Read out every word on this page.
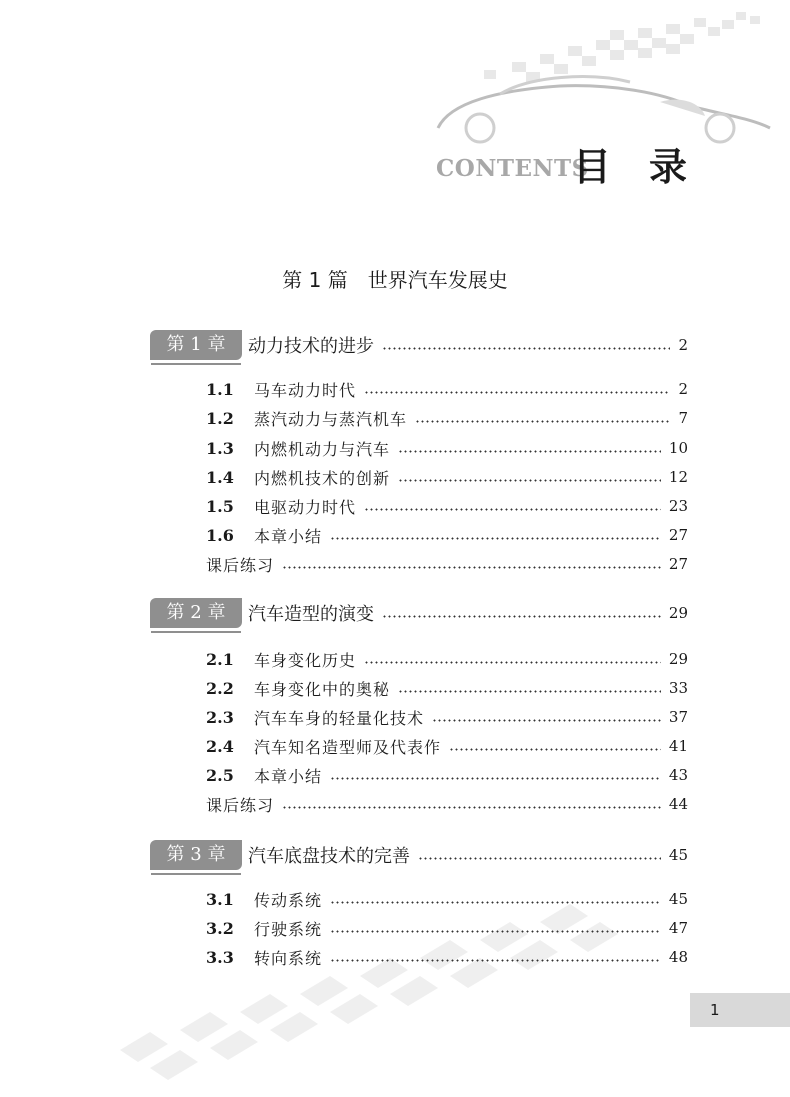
CONTENTS
目录
第 1 篇　世界汽车发展史
第 1 章	动力技术的进步	2
1.1	马车动力时代	2
1.2	蒸汽动力与蒸汽机车	7
1.3	内燃机动力与汽车	10
1.4	内燃机技术的创新	12
1.5	电驱动力时代	23
1.6	本章小结	27
课后练习	27
第 2 章	汽车造型的演变	29
2.1	车身变化历史	29
2.2	车身变化中的奥秘	33
2.3	汽车车身的轻量化技术	37
2.4	汽车知名造型师及代表作	41
2.5	本章小结	43
课后练习	44
第 3 章	汽车底盘技术的完善	45
3.1	传动系统	45
3.2	行驶系统	47
3.3	转向系统	48
1
